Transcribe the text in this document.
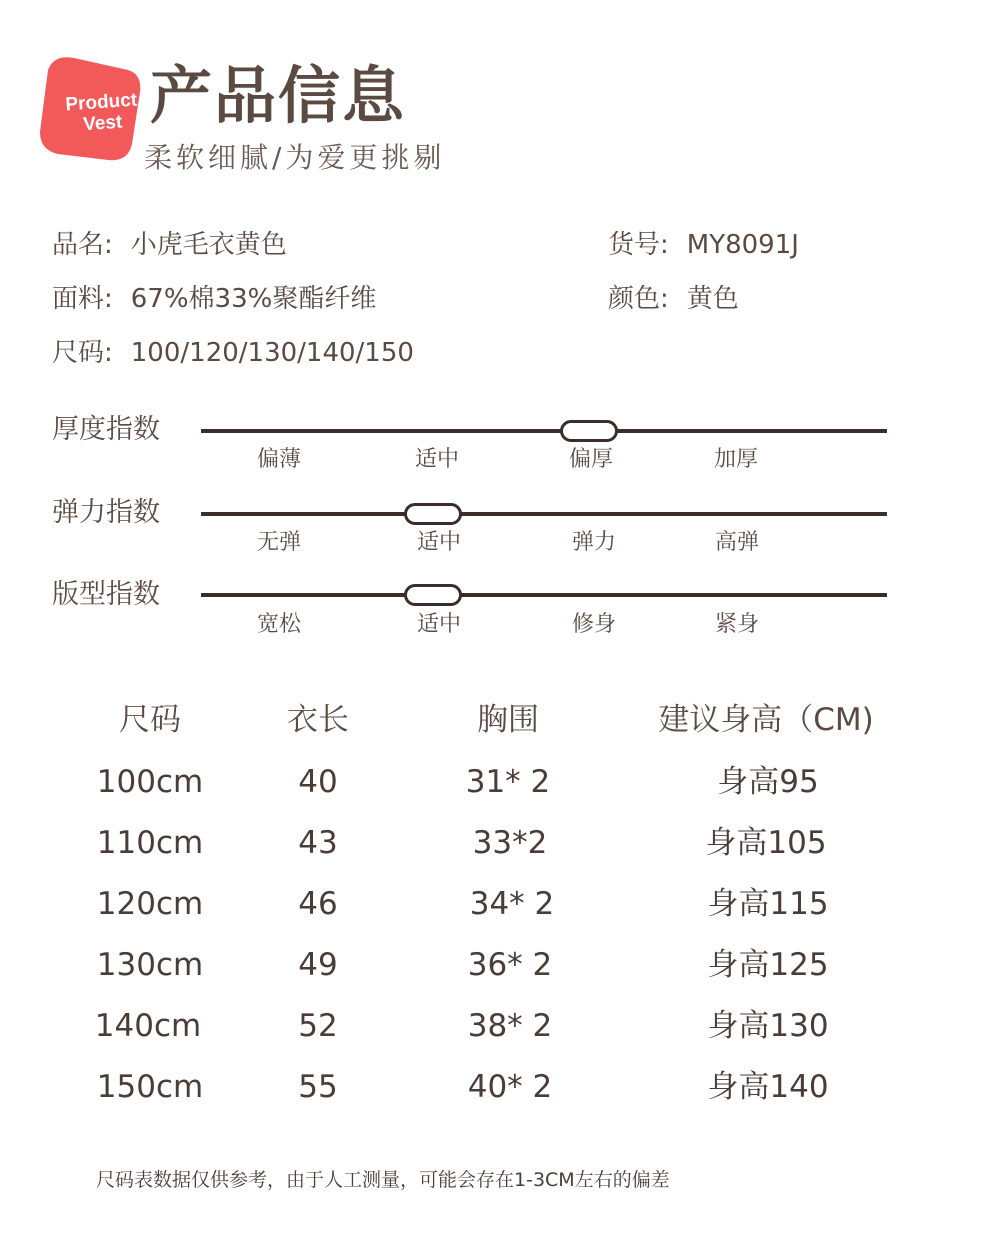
Product
Vest 产品信息
柔软细腻/为爱更挑剔
品名: 小虎毛衣黄色	货号: MY8091J
面料: 67%棉33%聚酯纤维	颜色: 黄色
尺码: 100/120/130/140/150
厚度指数
偏薄	适中	偏厚	加厚
弹力指数
无弹	适中	弹力	高弹
版型指数
宽松	适中	修身	紧身
尺码	衣长	胸围	建议身高（CM)
100cm	40	31* 2	身高95
110cm	43	33*2	身高105
120cm	46	34* 2	身高115
130cm	49	36* 2	身高125
140cm	52	38* 2	身高130
150cm	55	40* 2	身高140
尺码表数据仅供参考，由于人工测量，可能会存在1-3CM左右的偏差
